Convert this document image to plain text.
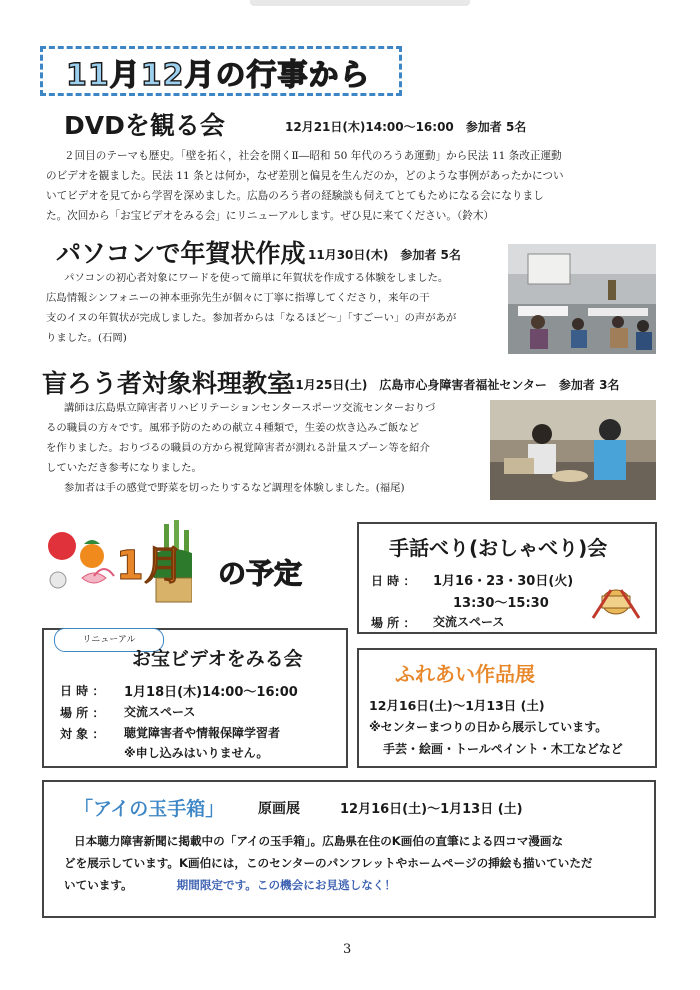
11月12月の行事から
DVDを観る会	12月21日(木)14:00～16:00　参加者 5名
２回目のテーマも歴史。「壁を拓く，社会を開くⅡ―昭和 50 年代のろうあ運動」から民法 11 条改正運動
のビデオを観ました。民法 11 条とは何か，なぜ差別と偏見を生んだのか，どのような事例があったかについ
いてビデオを見てから学習を深めました。広島のろう者の経験談も伺えてとてもためになる会になりまし
た。次回から「お宝ビデオをみる会」にリニューアルします。ぜひ見に来てください。（鈴木）
パソコンで年賀状作成 11月30日(木)　参加者 5名
パソコンの初心者対象にワードを使って簡単に年賀状を作成する体験をしました。
広島情報シンフォニーの神本亜弥先生が個々に丁寧に指導してくださり，来年の干
支のイヌの年賀状が完成しました。参加者からは「なるほど～」「すごーい」の声があが
りました。(石岡)
盲ろう者対象料理教室
11月25日(土)　広島市心身障害者福祉センター　参加者 3名
講師は広島県立障害者リハビリテーションセンタースポーツ交流センターおりづ
るの職員の方々です。風邪予防のための献立４種類で，生姜の炊き込みご飯など
を作りました。おりづるの職員の方から視覚障害者が測れる計量スプーン等を紹介
していただき参考になりました。
参加者は手の感覚で野菜を切ったりするなど調理を体験しました。(福尾)
1月 の予定
手話べり(おしゃべり)会
日 時 ： 1月16・23・30日(火)
13:30～15:30
場 所 ： 交流スペース
リニューアル
お宝ビデオをみる会
日 時 ： 1月18日(木)14:00～16:00
場 所 ： 交流スペース
対 象 ： 聴覚障害者や情報保障学習者
※申し込みはいりません。
ふれあい作品展
12月16日(土)～1月13日 (土)
※センターまつりの日から展示しています。
手芸・絵画・トールペイント・木工などなど
「アイの玉手箱」 原画展	12月16日(土)～1月13日 (土)
日本聴力障害新聞に掲載中の「アイの玉手箱」。広島県在住のK画伯の直筆による四コマ漫画な
どを展示しています。K画伯には，このセンターのパンフレットやホームページの挿絵も描いていただ
いています。	期間限定です。この機会にお見逃しなく！
3
